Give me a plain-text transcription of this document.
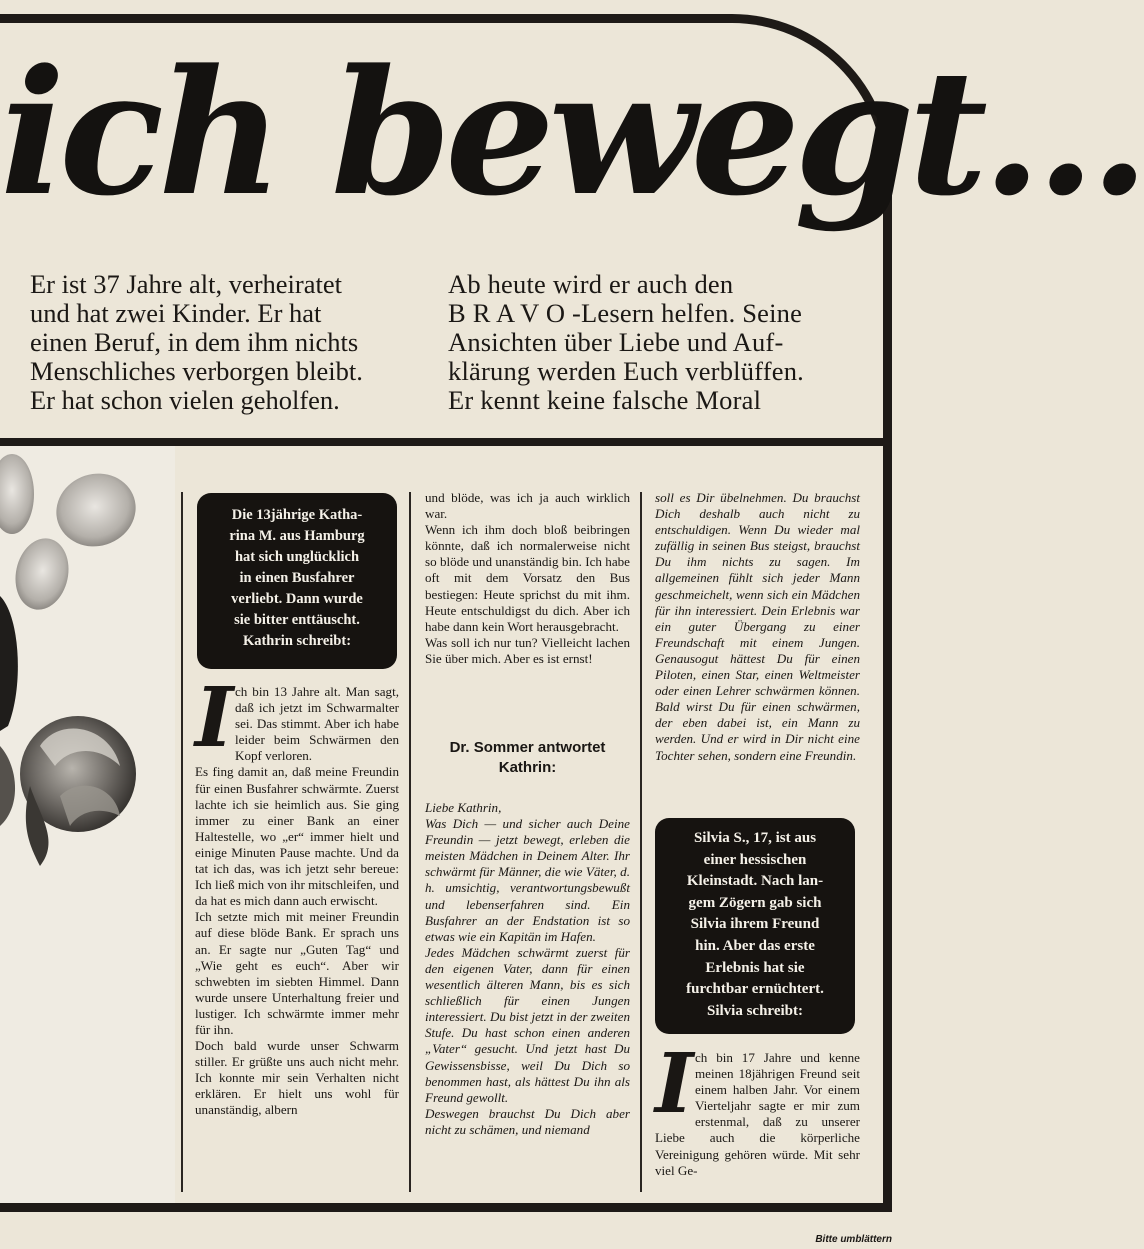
ich bewegt...

Er ist 37 Jahre alt, verheiratet

und hat zwei Kinder. Er hat

einen Beruf, in dem ihm nichts

Menschliches verborgen bleibt.

Er hat schon vielen geholfen.

Ab heute wird er auch den

B R A V O -Lesern helfen. Seine

Ansichten über Liebe und Auf-

klärung werden Euch verblüffen.

Er kennt keine falsche Moral

Die 13jährige Katha-

rina M. aus Hamburg

hat sich unglücklich

in einen Busfahrer

verliebt. Dann wurde

sie bitter enttäuscht.

Kathrin schreibt:

I ch bin 13 Jahre alt. Man sagt, daß ich jetzt im Schwarmalter sei. Das stimmt. Aber ich habe leider beim Schwärmen den Kopf verloren.

Es fing damit an, daß meine Freundin für einen Busfahrer schwärmte. Zuerst lachte ich sie heimlich aus. Sie ging immer zu einer Bank an einer Haltestelle, wo „er“ immer hielt und einige Minuten Pause machte. Und da tat ich das, was ich jetzt sehr bereue: Ich ließ mich von ihr mitschleifen, und da hat es mich dann auch erwischt.

Ich setzte mich mit meiner Freundin auf diese blöde Bank. Er sprach uns an. Er sagte nur „Guten Tag“ und „Wie geht es euch“. Aber wir schwebten im siebten Himmel. Dann wurde unsere Unterhaltung freier und lustiger. Ich schwärmte immer mehr für ihn.

Doch bald wurde unser Schwarm stiller. Er grüßte uns auch nicht mehr. Ich konnte mir sein Verhalten nicht erklären. Er hielt uns wohl für unanständig, albern

und blöde, was ich ja auch wirklich war.

Wenn ich ihm doch bloß beibringen könnte, daß ich normalerweise nicht so blöde und unanständig bin. Ich habe oft mit dem Vorsatz den Bus bestiegen: Heute sprichst du mit ihm. Heute entschuldigst du dich. Aber ich habe dann kein Wort herausgebracht.

Was soll ich nur tun? Vielleicht lachen Sie über mich. Aber es ist ernst!

Dr. Sommer antwortet Kathrin:

Liebe Kathrin,

Was Dich — und sicher auch Deine Freundin — jetzt bewegt, erleben die meisten Mädchen in Deinem Alter. Ihr schwärmt für Männer, die wie Väter, d. h. umsichtig, verantwortungsbewußt und lebenserfahren sind. Ein Busfahrer an der Endstation ist so etwas wie ein Kapitän im Hafen.

Jedes Mädchen schwärmt zuerst für den eigenen Vater, dann für einen wesentlich älteren Mann, bis es sich schließlich für einen Jungen interessiert. Du bist jetzt in der zweiten Stufe. Du hast schon einen anderen „Vater“ gesucht. Und jetzt hast Du Gewissensbisse, weil Du Dich so benommen hast, als hättest Du ihn als Freund gewollt.

Deswegen brauchst Du Dich aber nicht zu schämen, und niemand

soll es Dir übelnehmen. Du brauchst Dich deshalb auch nicht zu entschuldigen. Wenn Du wieder mal zufällig in seinen Bus steigst, brauchst Du ihm nichts zu sagen. Im allgemeinen fühlt sich jeder Mann geschmeichelt, wenn sich ein Mädchen für ihn interessiert. Dein Erlebnis war ein guter Übergang zu einer Freundschaft mit einem Jungen. Genausogut hättest Du für einen Piloten, einen Star, einen Weltmeister oder einen Lehrer schwärmen können. Bald wirst Du für einen schwärmen, der eben dabei ist, ein Mann zu werden. Und er wird in Dir nicht eine Tochter sehen, sondern eine Freundin.

Silvia S., 17, ist aus

einer hessischen

Kleinstadt. Nach lan-

gem Zögern gab sich

Silvia ihrem Freund

hin. Aber das erste

Erlebnis hat sie

furchtbar ernüchtert.

Silvia schreibt:

I ch bin 17 Jahre und kenne meinen 18jährigen Freund seit einem halben Jahr. Vor einem Vierteljahr sagte er mir zum erstenmal, daß zu unserer Liebe auch die körperliche Vereinigung gehören würde. Mit sehr viel Ge-

Bitte umblättern
